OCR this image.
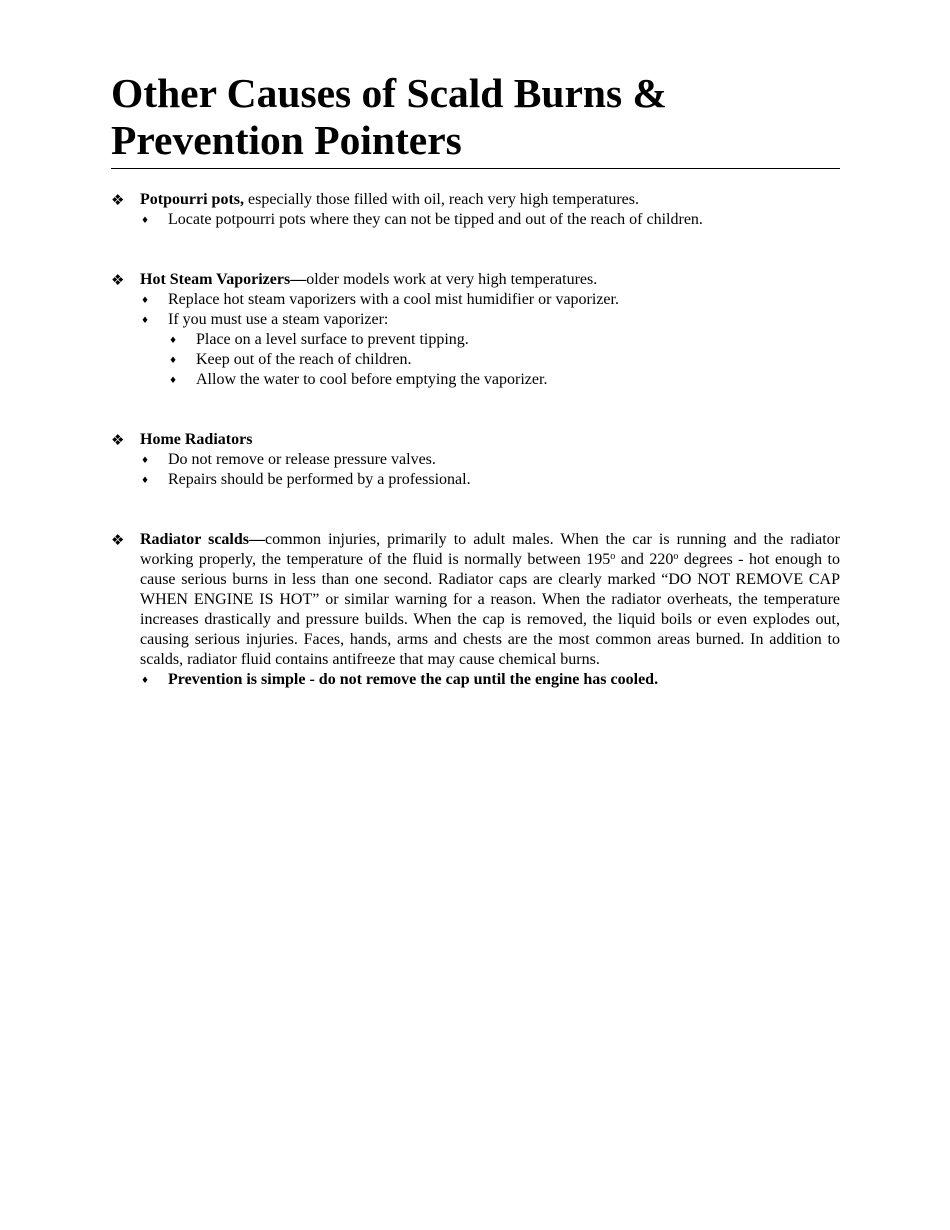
Other Causes of Scald Burns &
Prevention Pointers
❖ Potpourri pots, especially those filled with oil, reach very high temperatures.

♦ Locate potpourri pots where they can not be tipped and out of the reach of children.
❖ Hot Steam Vaporizers—older models work at very high temperatures.

♦ Replace hot steam vaporizers with a cool mist humidifier or vaporizer.
♦ If you must use a steam vaporizer:
♦ Place on a level surface to prevent tipping.
♦ Keep out of the reach of children.
♦ Allow the water to cool before emptying the vaporizer.
❖ Home Radiators

♦ Do not remove or release pressure valves.
♦ Repairs should be performed by a professional.
❖ Radiator scalds—common injuries, primarily to adult males. When the car is running and the radiator working properly, the temperature of the fluid is normally between 195$^o$ and 220$^o$ degrees - hot enough to cause serious burns in less than one second. Radiator caps are clearly marked “DO NOT REMOVE CAP WHEN ENGINE IS HOT” or similar warning for a reason. When the radiator overheats, the temperature increases drastically and pressure builds. When the cap is removed, the liquid boils or even explodes out, causing serious injuries. Faces, hands, arms and chests are the most common areas burned. In addition to scalds, radiator fluid contains antifreeze that may cause chemical burns.

♦ Prevention is simple - do not remove the cap until the engine has cooled.
